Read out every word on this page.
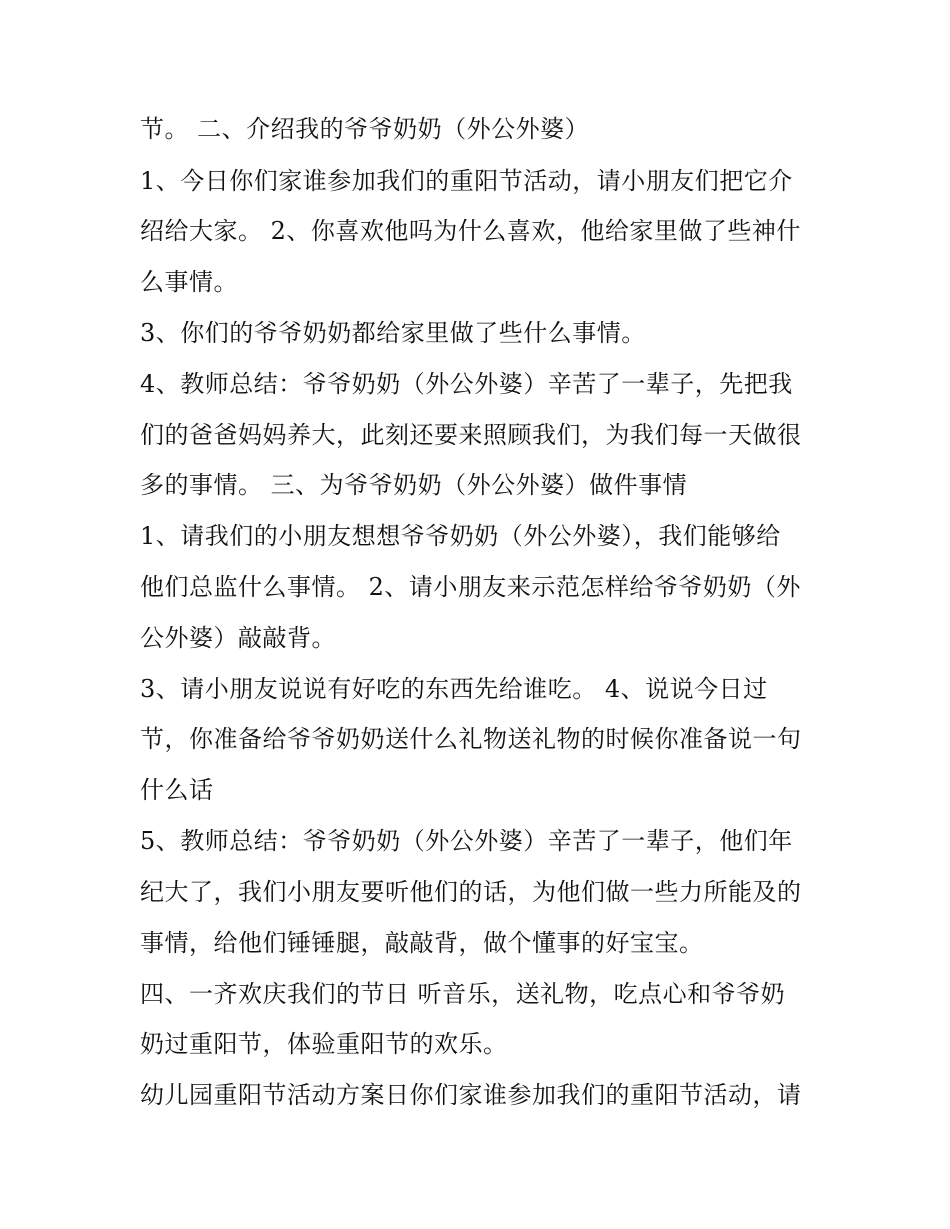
节。 二、介绍我的爷爷奶奶（外公外婆）
1、今日你们家谁参加我们的重阳节活动，请小朋友们把它介
绍给大家。 2、你喜欢他吗为什么喜欢，他给家里做了些神什
么事情。
3、你们的爷爷奶奶都给家里做了些什么事情。
4、教师总结：爷爷奶奶（外公外婆）辛苦了一辈子，先把我
们的爸爸妈妈养大，此刻还要来照顾我们，为我们每一天做很
多的事情。 三、为爷爷奶奶（外公外婆）做件事情
1、请我们的小朋友想想爷爷奶奶（外公外婆），我们能够给
他们总监什么事情。 2、请小朋友来示范怎样给爷爷奶奶（外
公外婆）敲敲背。
3、请小朋友说说有好吃的东西先给谁吃。 4、说说今日过
节，你准备给爷爷奶奶送什么礼物送礼物的时候你准备说一句
什么话
5、教师总结：爷爷奶奶（外公外婆）辛苦了一辈子，他们年
纪大了，我们小朋友要听他们的话，为他们做一些力所能及的
事情，给他们锤锤腿，敲敲背，做个懂事的好宝宝。
四、一齐欢庆我们的节日 听音乐，送礼物，吃点心和爷爷奶
奶过重阳节，体验重阳节的欢乐。
幼儿园重阳节活动方案日你们家谁参加我们的重阳节活动，请
